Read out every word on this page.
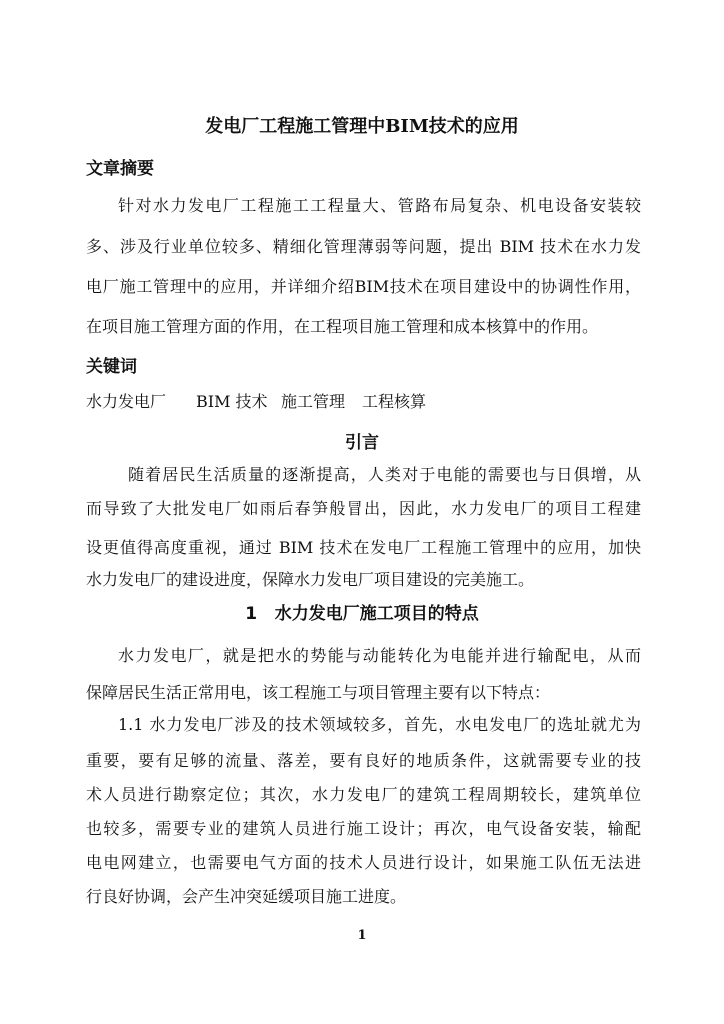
发电厂工程施工管理中BIM技术的应用
文章摘要
针对水力发电厂工程施工工程量大、管路布局复杂、机电设备安装较
多、涉及行业单位较多、精细化管理薄弱等问题，提出 BIM 技术在水力发
电厂施工管理中的应用，并详细介绍BIM技术在项目建设中的协调性作用，
在项目施工管理方面的作用，在工程项目施工管理和成本核算中的作用。
关键词
水力发电厂 BIM 技术 施工管理 工程核算
引言
随着居民生活质量的逐渐提高，人类对于电能的需要也与日俱增，从
而导致了大批发电厂如雨后春笋般冒出，因此，水力发电厂的项目工程建
设更值得高度重视，通过 BIM 技术在发电厂工程施工管理中的应用，加快
水力发电厂的建设进度，保障水力发电厂项目建设的完美施工。
1   水力发电厂施工项目的特点
水力发电厂，就是把水的势能与动能转化为电能并进行输配电，从而
保障居民生活正常用电，该工程施工与项目管理主要有以下特点：
1.1 水力发电厂涉及的技术领域较多，首先，水电发电厂的选址就尤为
重要，要有足够的流量、落差，要有良好的地质条件，这就需要专业的技
术人员进行勘察定位；其次，水力发电厂的建筑工程周期较长，建筑单位
也较多，需要专业的建筑人员进行施工设计；再次，电气设备安装，输配
电电网建立，也需要电气方面的技术人员进行设计，如果施工队伍无法进
行良好协调，会产生冲突延缓项目施工进度。
1
